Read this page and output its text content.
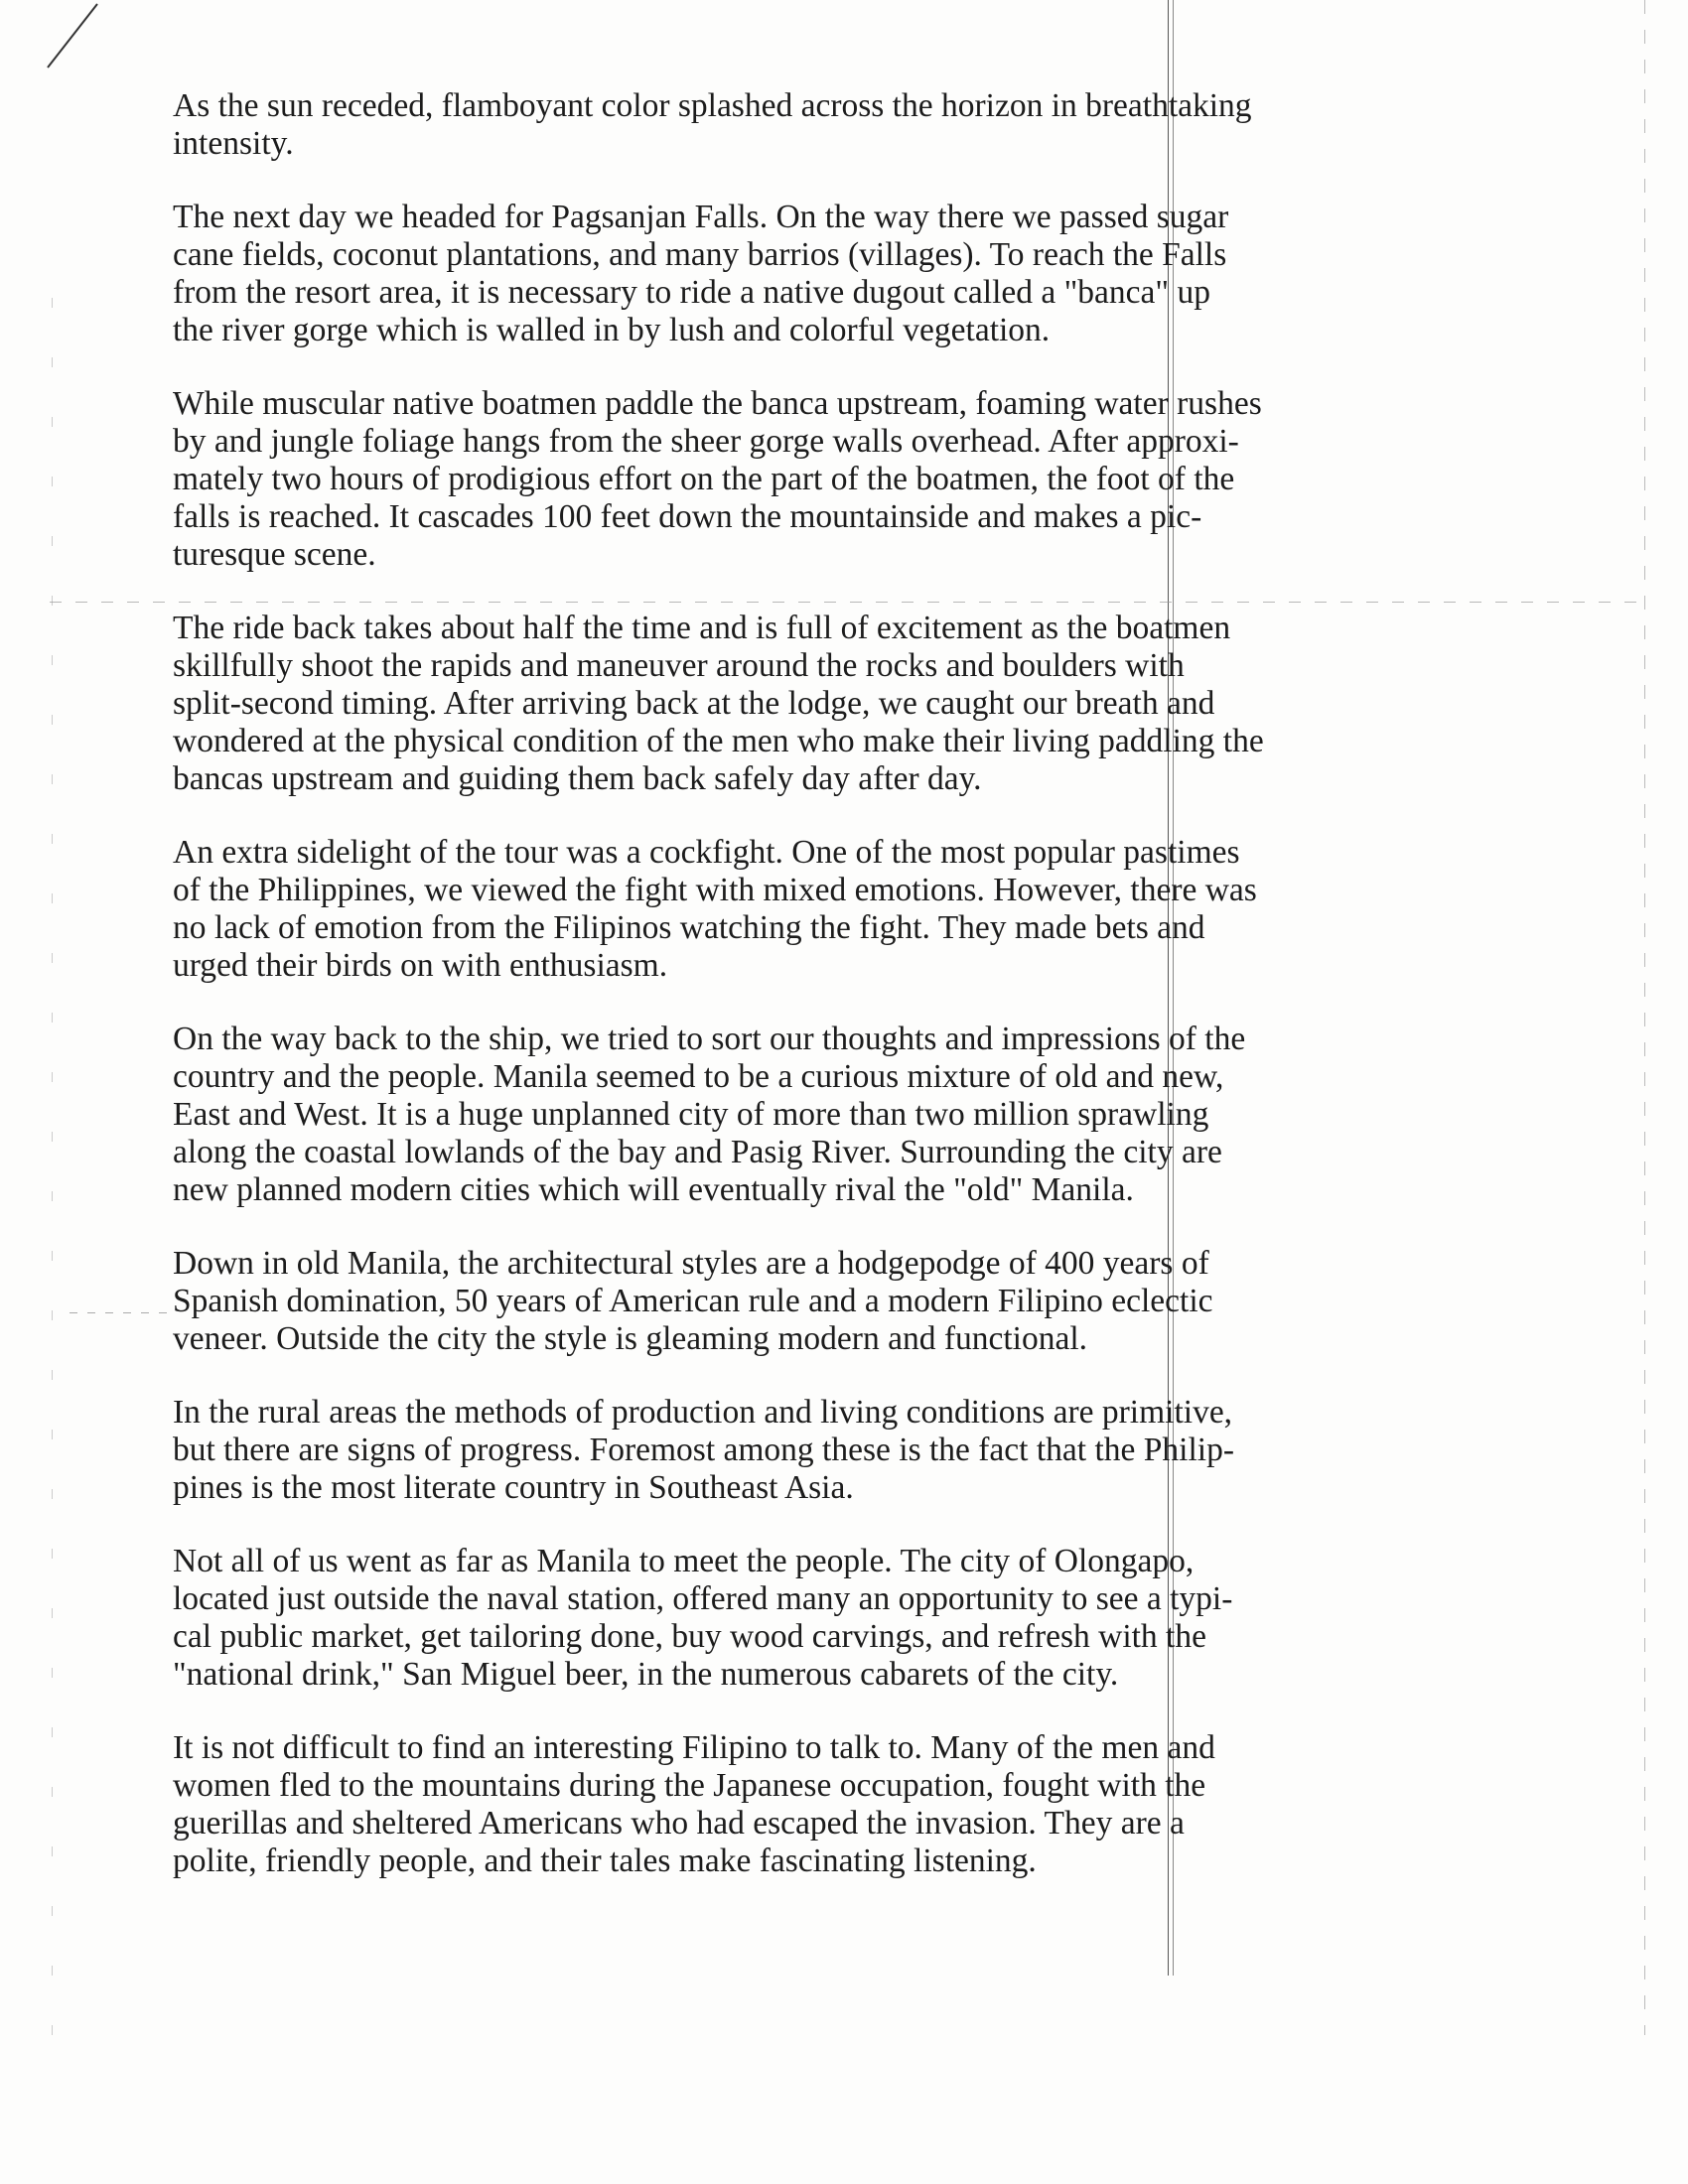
As the sun receded, flamboyant color splashed across the horizon in breathtaking
intensity.

The next day we headed for Pagsanjan Falls. On the way there we passed sugar
cane fields, coconut plantations, and many barrios (villages). To reach the Falls
from the resort area, it is necessary to ride a native dugout called a "banca" up
the river gorge which is walled in by lush and colorful vegetation.

While muscular native boatmen paddle the banca upstream, foaming water rushes
by and jungle foliage hangs from the sheer gorge walls overhead. After approxi-
mately two hours of prodigious effort on the part of the boatmen, the foot of the
falls is reached. It cascades 100 feet down the mountainside and makes a pic-
turesque scene.

The ride back takes about half the time and is full of excitement as the boatmen
skillfully shoot the rapids and maneuver around the rocks and boulders with
split-second timing. After arriving back at the lodge, we caught our breath and
wondered at the physical condition of the men who make their living paddling the
bancas upstream and guiding them back safely day after day.

An extra sidelight of the tour was a cockfight. One of the most popular pastimes
of the Philippines, we viewed the fight with mixed emotions. However, there was
no lack of emotion from the Filipinos watching the fight. They made bets and
urged their birds on with enthusiasm.

On the way back to the ship, we tried to sort our thoughts and impressions of the
country and the people. Manila seemed to be a curious mixture of old and new,
East and West. It is a huge unplanned city of more than two million sprawling
along the coastal lowlands of the bay and Pasig River. Surrounding the city are
new planned modern cities which will eventually rival the "old" Manila.

Down in old Manila, the architectural styles are a hodgepodge of 400 years of
Spanish domination, 50 years of American rule and a modern Filipino eclectic
veneer. Outside the city the style is gleaming modern and functional.

In the rural areas the methods of production and living conditions are primitive,
but there are signs of progress. Foremost among these is the fact that the Philip-
pines is the most literate country in Southeast Asia.

Not all of us went as far as Manila to meet the people. The city of Olongapo,
located just outside the naval station, offered many an opportunity to see a typi-
cal public market, get tailoring done, buy wood carvings, and refresh with the
"national drink," San Miguel beer, in the numerous cabarets of the city.

It is not difficult to find an interesting Filipino to talk to. Many of the men and
women fled to the mountains during the Japanese occupation, fought with the
guerillas and sheltered Americans who had escaped the invasion. They are a
polite, friendly people, and their tales make fascinating listening.
